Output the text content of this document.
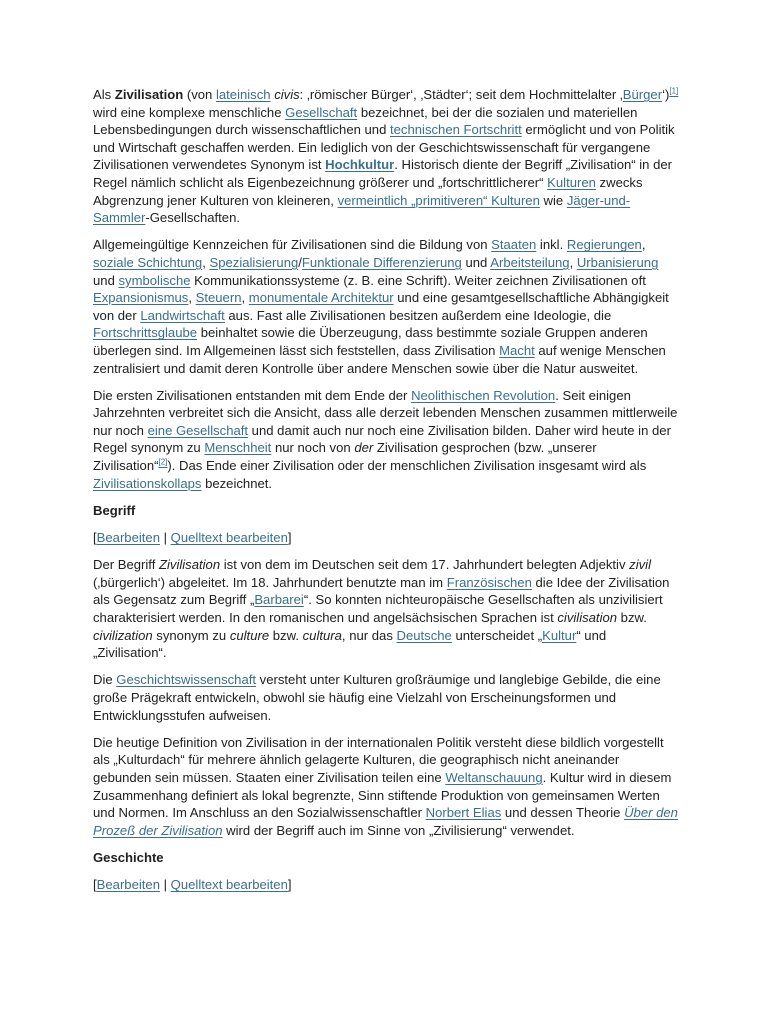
Als Zivilisation (von lateinisch civis: ‚römischer Bürger‘, ‚Städter‘; seit dem Hochmittelalter ‚Bürger‘)[1] wird eine komplexe menschliche Gesellschaft bezeichnet, bei der die sozialen und materiellen Lebensbedingungen durch wissenschaftlichen und technischen Fortschritt ermöglicht und von Politik und Wirtschaft geschaffen werden. Ein lediglich von der Geschichtswissenschaft für vergangene Zivilisationen verwendetes Synonym ist Hochkultur. Historisch diente der Begriff „Zivilisation“ in der Regel nämlich schlicht als Eigenbezeichnung größerer und „fortschrittlicherer“ Kulturen zwecks Abgrenzung jener Kulturen von kleineren, vermeintlich „primitiveren“ Kulturen wie Jäger-und-Sammler-Gesellschaften.

Allgemeingültige Kennzeichen für Zivilisationen sind die Bildung von Staaten inkl. Regierungen, soziale Schichtung, Spezialisierung/Funktionale Differenzierung und Arbeitsteilung, Urbanisierung und symbolische Kommunikationssysteme (z. B. eine Schrift). Weiter zeichnen Zivilisationen oft Expansionismus, Steuern, monumentale Architektur und eine gesamtgesellschaftliche Abhängigkeit von der Landwirtschaft aus. Fast alle Zivilisationen besitzen außerdem eine Ideologie, die Fortschrittsglaube beinhaltet sowie die Überzeugung, dass bestimmte soziale Gruppen anderen überlegen sind. Im Allgemeinen lässt sich feststellen, dass Zivilisation Macht auf wenige Menschen zentralisiert und damit deren Kontrolle über andere Menschen sowie über die Natur ausweitet.

Die ersten Zivilisationen entstanden mit dem Ende der Neolithischen Revolution. Seit einigen Jahrzehnten verbreitet sich die Ansicht, dass alle derzeit lebenden Menschen zusammen mittlerweile nur noch eine Gesellschaft und damit auch nur noch eine Zivilisation bilden. Daher wird heute in der Regel synonym zu Menschheit nur noch von der Zivilisation gesprochen (bzw. „unserer Zivilisation“[2]). Das Ende einer Zivilisation oder der menschlichen Zivilisation insgesamt wird als Zivilisationskollaps bezeichnet.

Begriff
[Bearbeiten | Quelltext bearbeiten]

Der Begriff Zivilisation ist von dem im Deutschen seit dem 17. Jahrhundert belegten Adjektiv zivil (‚bürgerlich‘) abgeleitet. Im 18. Jahrhundert benutzte man im Französischen die Idee der Zivilisation als Gegensatz zum Begriff „Barbarei“. So konnten nichteuropäische Gesellschaften als unzivilisiert charakterisiert werden. In den romanischen und angelsächsischen Sprachen ist civilisation bzw. civilization synonym zu culture bzw. cultura, nur das Deutsche unterscheidet „Kultur“ und „Zivilisation“.

Die Geschichtswissenschaft versteht unter Kulturen großräumige und langlebige Gebilde, die eine große Prägekraft entwickeln, obwohl sie häufig eine Vielzahl von Erscheinungsformen und Entwicklungsstufen aufweisen.

Die heutige Definition von Zivilisation in der internationalen Politik versteht diese bildlich vorgestellt als „Kulturdach“ für mehrere ähnlich gelagerte Kulturen, die geographisch nicht aneinander gebunden sein müssen. Staaten einer Zivilisation teilen eine Weltanschauung. Kultur wird in diesem Zusammenhang definiert als lokal begrenzte, Sinn stiftende Produktion von gemeinsamen Werten und Normen. Im Anschluss an den Sozialwissenschaftler Norbert Elias und dessen Theorie Über den Prozeß der Zivilisation wird der Begriff auch im Sinne von „Zivilisierung“ verwendet.

Geschichte
[Bearbeiten | Quelltext bearbeiten]
